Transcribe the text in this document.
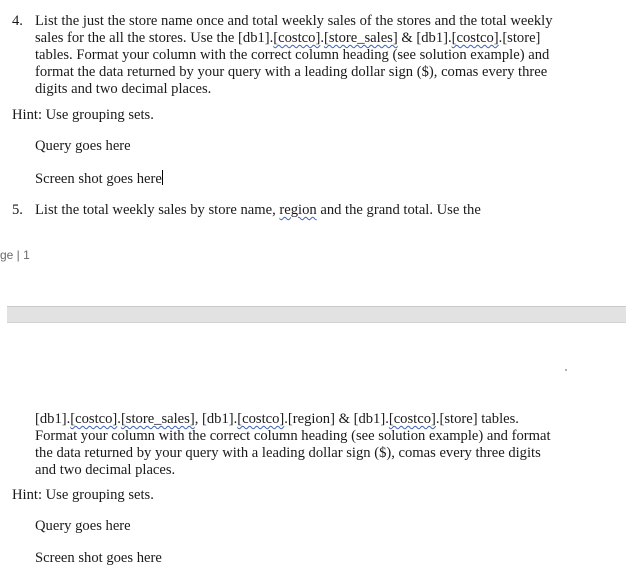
4. List the just the store name once and total weekly sales of the stores and the total weekly
sales for the all the stores. Use the [db1].[costco].[store_sales] & [db1].[costco].[store]
tables. Format your column with the correct column heading (see solution example) and
format the data returned by your query with a leading dollar sign ($), comas every three
digits and two decimal places.
Hint: Use grouping sets.
Query goes here
Screen shot goes here
5. List the total weekly sales by store name, region and the grand total. Use the
ge | 1
[db1].[costco].[store_sales], [db1].[costco].[region] & [db1].[costco].[store] tables.
Format your column with the correct column heading (see solution example) and format
the data returned by your query with a leading dollar sign ($), comas every three digits
and two decimal places.
Hint: Use grouping sets.
Query goes here
Screen shot goes here
